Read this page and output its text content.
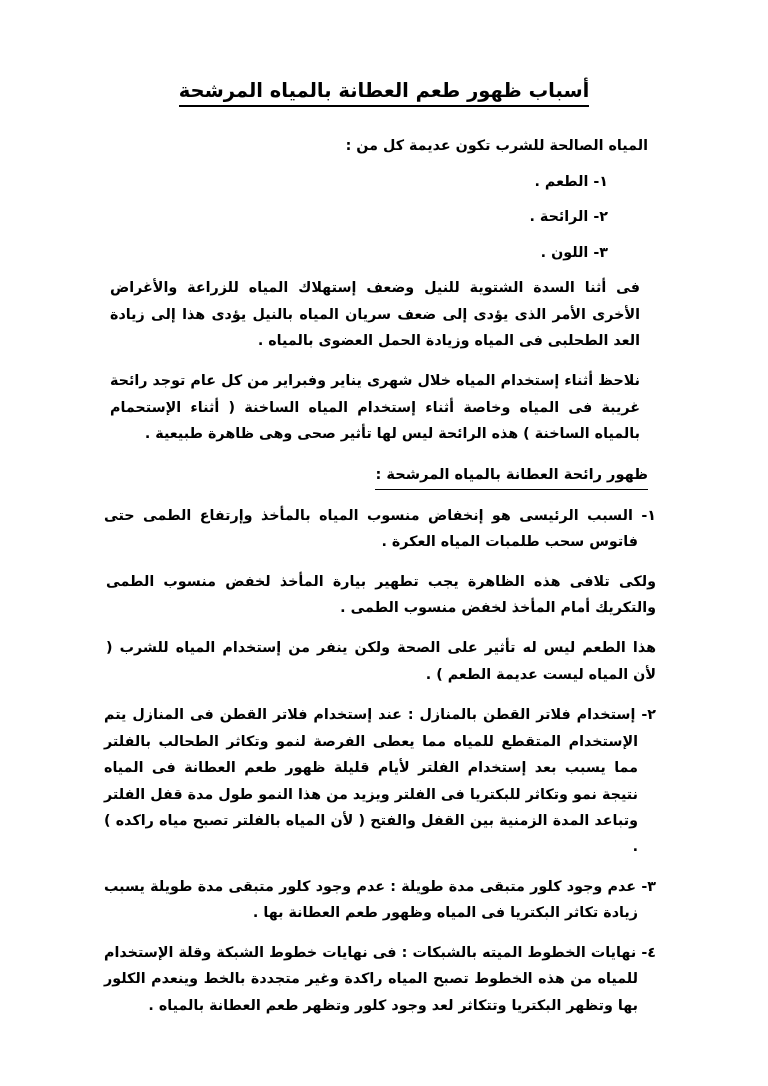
أسباب ظهور طعم العطانة بالمياه المرشحة

المياه الصالحة للشرب تكون عديمة كل من :

١- الطعم .

٢- الرائحة .

٣- اللون .

فى أثنا السدة الشتوية للنيل وضعف إستهلاك المياه للزراعة والأغراض الأخرى الأمر الذى يؤدى إلى ضعف سريان المياه بالنيل يؤدى هذا إلى زيادة العد الطحلبى فى المياه وزيادة الحمل العضوى بالمياه .

نلاحظ أثناء إستخدام المياه خلال شهرى يناير وفبراير من كل عام توجد رائحة غريبة فى المياه وخاصة أثناء إستخدام المياه الساخنة ( أثناء الإستحمام بالمياه الساخنة ) هذه الرائحة ليس لها تأثير صحى وهى ظاهرة طبيعية .

ظهور رائحة العطانة بالمياه المرشحة :

١- السبب الرئيسى هو إنخفاض منسوب المياه بالمأخذ وإرتفاع الطمى حتى فاتوس سحب طلمبات المياه العكرة .

ولكى تلافى هذه الظاهرة يجب تطهير بيارة المأخذ لخفض منسوب الطمى والتكريك أمام المأخذ لخفض منسوب الطمى .

هذا الطعم ليس له تأثير على الصحة ولكن ينفر من إستخدام المياه للشرب ( لأن المياه ليست عديمة الطعم ) .

٢- إستخدام فلاتر القطن بالمنازل : عند إستخدام فلاتر القطن فى المنازل يتم الإستخدام المتقطع للمياه مما يعطى الفرصة لنمو وتكاثر الطحالب بالفلتر مما يسبب بعد إستخدام الفلتر لأيام قليلة ظهور طعم العطانة فى المياه نتيجة نمو وتكاثر للبكتريا فى الفلتر ويزيد من هذا النمو طول مدة قفل الفلتر وتباعد المدة الزمنية بين القفل والفتح ( لأن المياه بالفلتر تصبح مياه راكده ) .

٣- عدم وجود كلور متبقى مدة طويلة : عدم وجود كلور متبقى مدة طويلة يسبب زيادة تكاثر البكتريا فى المياه وظهور طعم العطانة بها .

٤- نهايات الخطوط الميته بالشبكات : فى نهايات خطوط الشبكة وقلة الإستخدام للمياه من هذه الخطوط تصبح المياه راكدة وغير متجددة بالخط وينعدم الكلور بها وتظهر البكتريا وتتكاثر لعد وجود كلور وتظهر طعم العطانة بالمياه .
